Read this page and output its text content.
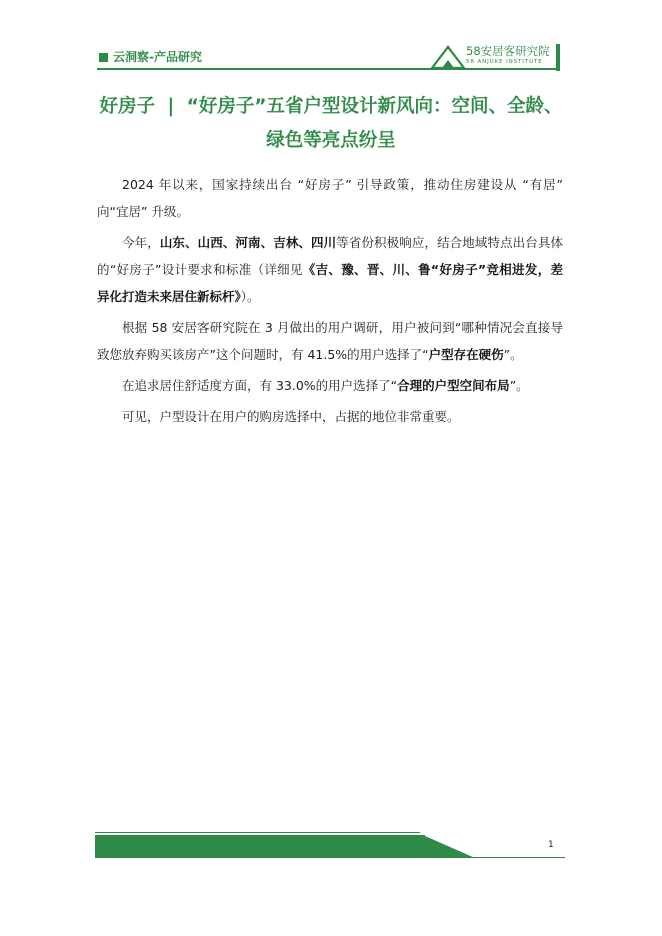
云洞察-产品研究	58安居客研究院
58 ANJUKE INSTITUTE
好房子 | “好房子”五省户型设计新风向：空间、全龄、
绿色等亮点纷呈

2024 年以来，国家持续出台 “好房子” 引导政策，推动住房建设从 “有居” 向“宜居” 升级。

今年，山东、山西、河南、吉林、四川等省份积极响应，结合地域特点出台具体的“好房子”设计要求和标准（详细见《吉、豫、晋、川、鲁“好房子”竞相进发，差异化打造未来居住新标杆》）。

根据 58 安居客研究院在 3 月做出的用户调研，用户被问到“哪种情况会直接导致您放弃购买该房产”这个问题时，有 41.5%的用户选择了“户型存在硬伤”。

在追求居住舒适度方面，有 33.0%的用户选择了“合理的户型空间布局”。

可见，户型设计在用户的购房选择中，占据的地位非常重要。

1
